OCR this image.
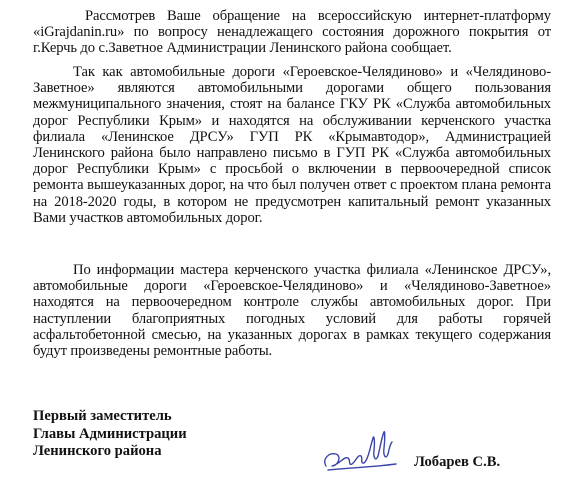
Рассмотрев Ваше обращение на всероссийскую интернет-платформу «iGrajdanin.ru» по вопросу ненадлежащего состояния дорожного покрытия от г.Керчь до с.Заветное Администрации Ленинского района сообщает.

Так как автомобильные дороги «Героевское-Челядиново» и «Челядиново-Заветное» являются автомобильными дорогами общего пользования межмуниципального значения, стоят на балансе ГКУ РК «Служба автомобильных дорог Республики Крым» и находятся на обслуживании керченского участка филиала «Ленинское ДРСУ» ГУП РК «Крымавтодор», Администрацией Ленинского района было направлено письмо в ГУП РК «Служба автомобильных дорог Республики Крым» с просьбой о включении в первоочередной список ремонта вышеуказанных дорог, на что был получен ответ с проектом плана ремонта на 2018-2020 годы, в котором не предусмотрен капитальный ремонт указанных Вами участков автомобильных дорог.

По информации мастера керченского участка филиала «Ленинское ДРСУ», автомобильные дороги «Героевское-Челядиново» и «Челядиново-Заветное» находятся на первоочередном контроле службы автомобильных дорог. При наступлении благоприятных погодных условий для работы горячей асфальтобетонной смесью, на указанных дорогах в рамках текущего содержания будут произведены ремонтные работы.

Первый заместитель
Главы Администрации
Ленинского района
Лобарев С.В.
